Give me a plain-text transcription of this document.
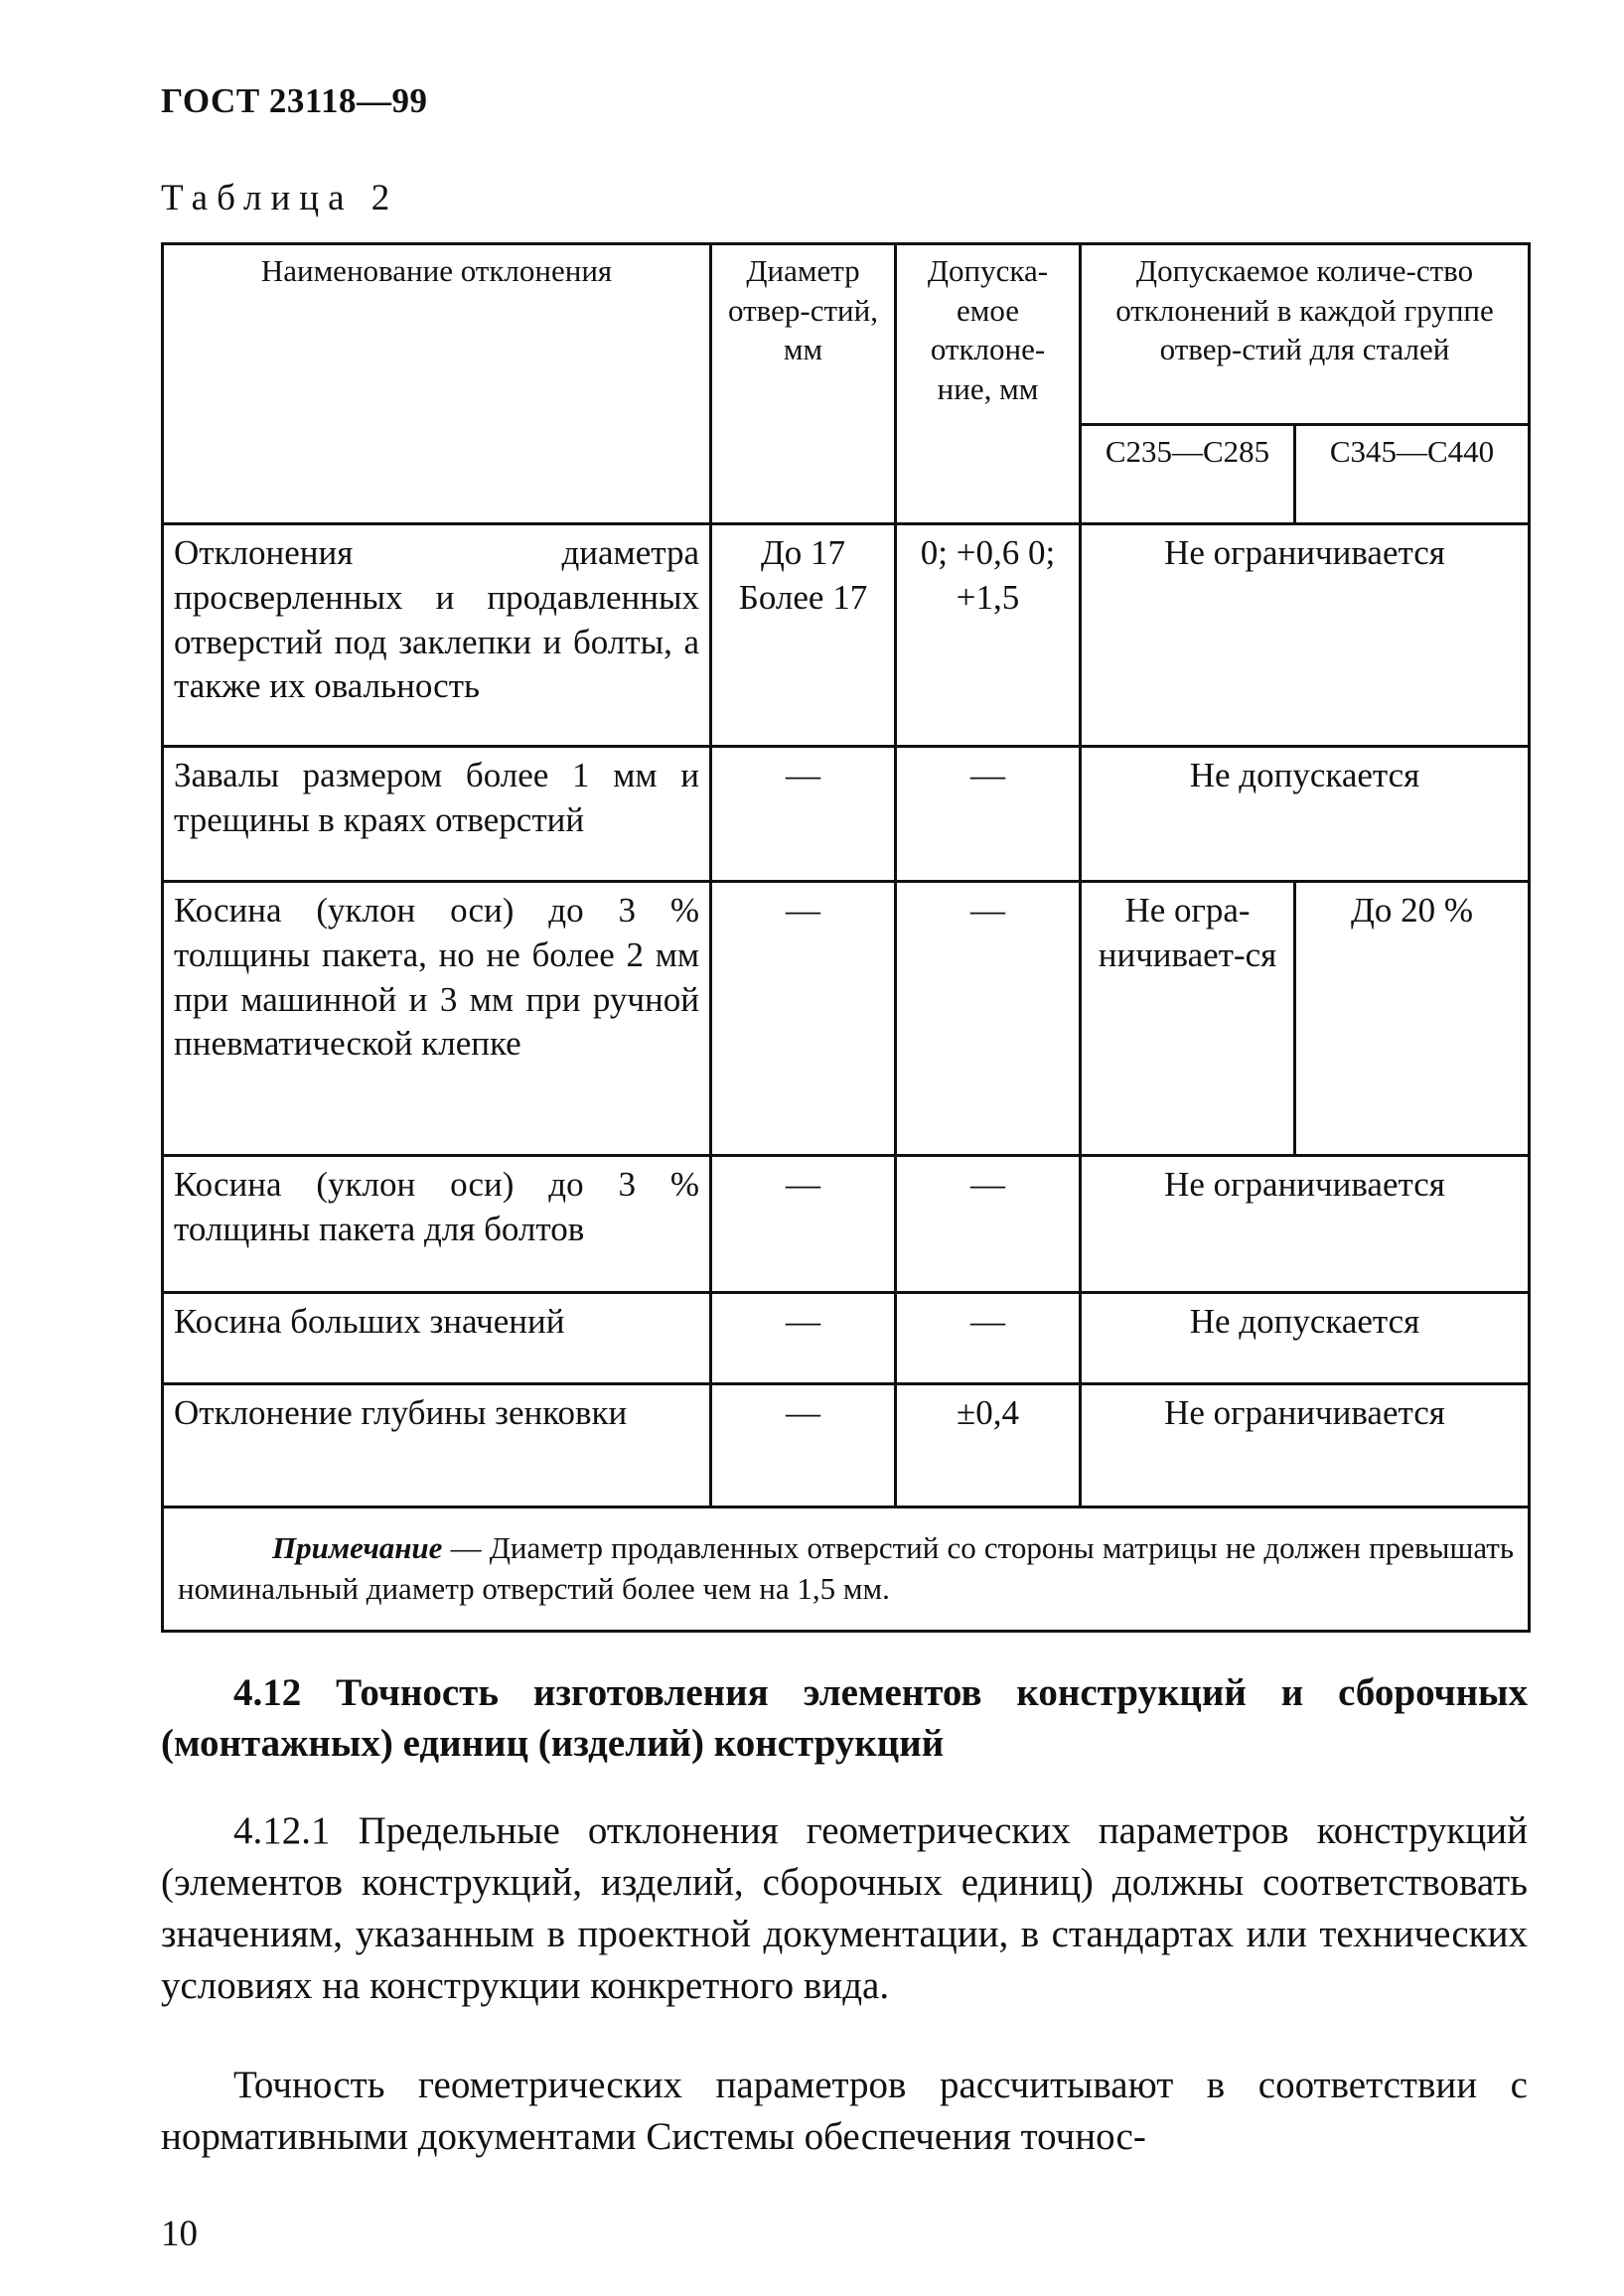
ГОСТ 23118—99
Таблица 2
Наименование отклонения	Диаметр отвер-стий, мм	Допуска-емое отклоне-ние, мм	Допускаемое количе-ство отклонений в каждой группе отвер-стий для сталей	
			С235—С285	С345—С440
Отклонения диаметра просверленных и продавленных отверстий под заклепки и болты, а также их овальность	До 17 Более 17	0; +0,6 0; +1,5	Не ограничивается	
Завалы размером более 1 мм и трещины в краях отверстий	—	—	Не допускается	
Косина (уклон оси) до 3 % толщины пакета, но не более 2 мм при машинной и 3 мм при ручной пневматической клепке	—	—	Не огра-ничивает-ся	До 20 %
Косина (уклон оси) до 3 % толщины пакета для болтов	—	—	Не ограничивается	
Косина больших значений	—	—	Не допускается	
Отклонение глубины зенковки	—	±0,4	Не ограничивается	

Примечание — Диаметр продавленных отверстий со стороны матрицы не должен превышать номинальный диаметр отверстий более чем на 1,5 мм.				
4.12 Точность изготовления элементов конструкций и сборочных (монтажных) единиц (изделий) конструкций
4.12.1 Предельные отклонения геометрических параметров конструкций (элементов конструкций, изделий, сборочных единиц) должны соответствовать значениям, указанным в проектной документации, в стандартах или технических условиях на конструкции конкретного вида.
Точность геометрических параметров рассчитывают в соответствии с нормативными документами Системы обеспечения точнос-
10
